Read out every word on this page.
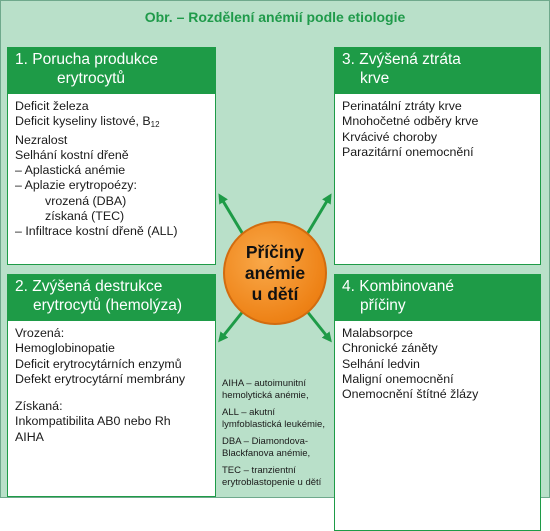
Obr. – Rozdělení anémií podle etiologie
1. Porucha produkce
erytrocytů
Deficit železa
Deficit kyseliny listové, $B_{12}$
Nezralost
Selhání kostní dřeně
– Aplastická anémie
– Aplazie erytropoézy:
vrozená (DBA)
získaná (TEC)
– Infiltrace kostní dřeně (ALL)
3. Zvýšená ztráta
krve
Perinatální ztráty krve
Mnohočetné odběry krve
Krvácivé choroby
Parazitární onemocnění
2. Zvýšená destrukce
erytrocytů (hemolýza)
Vrozená:
Hemoglobinopatie
Deficit erytrocytárních enzymů
Defekt erytrocytární membrány
Získaná:
Inkompatibilita AB0 nebo Rh
AIHA
4. Kombinované
příčiny
Malabsorpce
Chronické záněty
Selhání ledvin
Maligní onemocnění
Onemocnění štítné žlázy
Příčiny
anémie
u dětí
AIHA – autoimunitní hemolytická anémie,
ALL – akutní lymfoblastická leukémie,
DBA – Diamondova-Blackfanova anémie,
TEC – tranzientní erytroblastopenie u dětí
